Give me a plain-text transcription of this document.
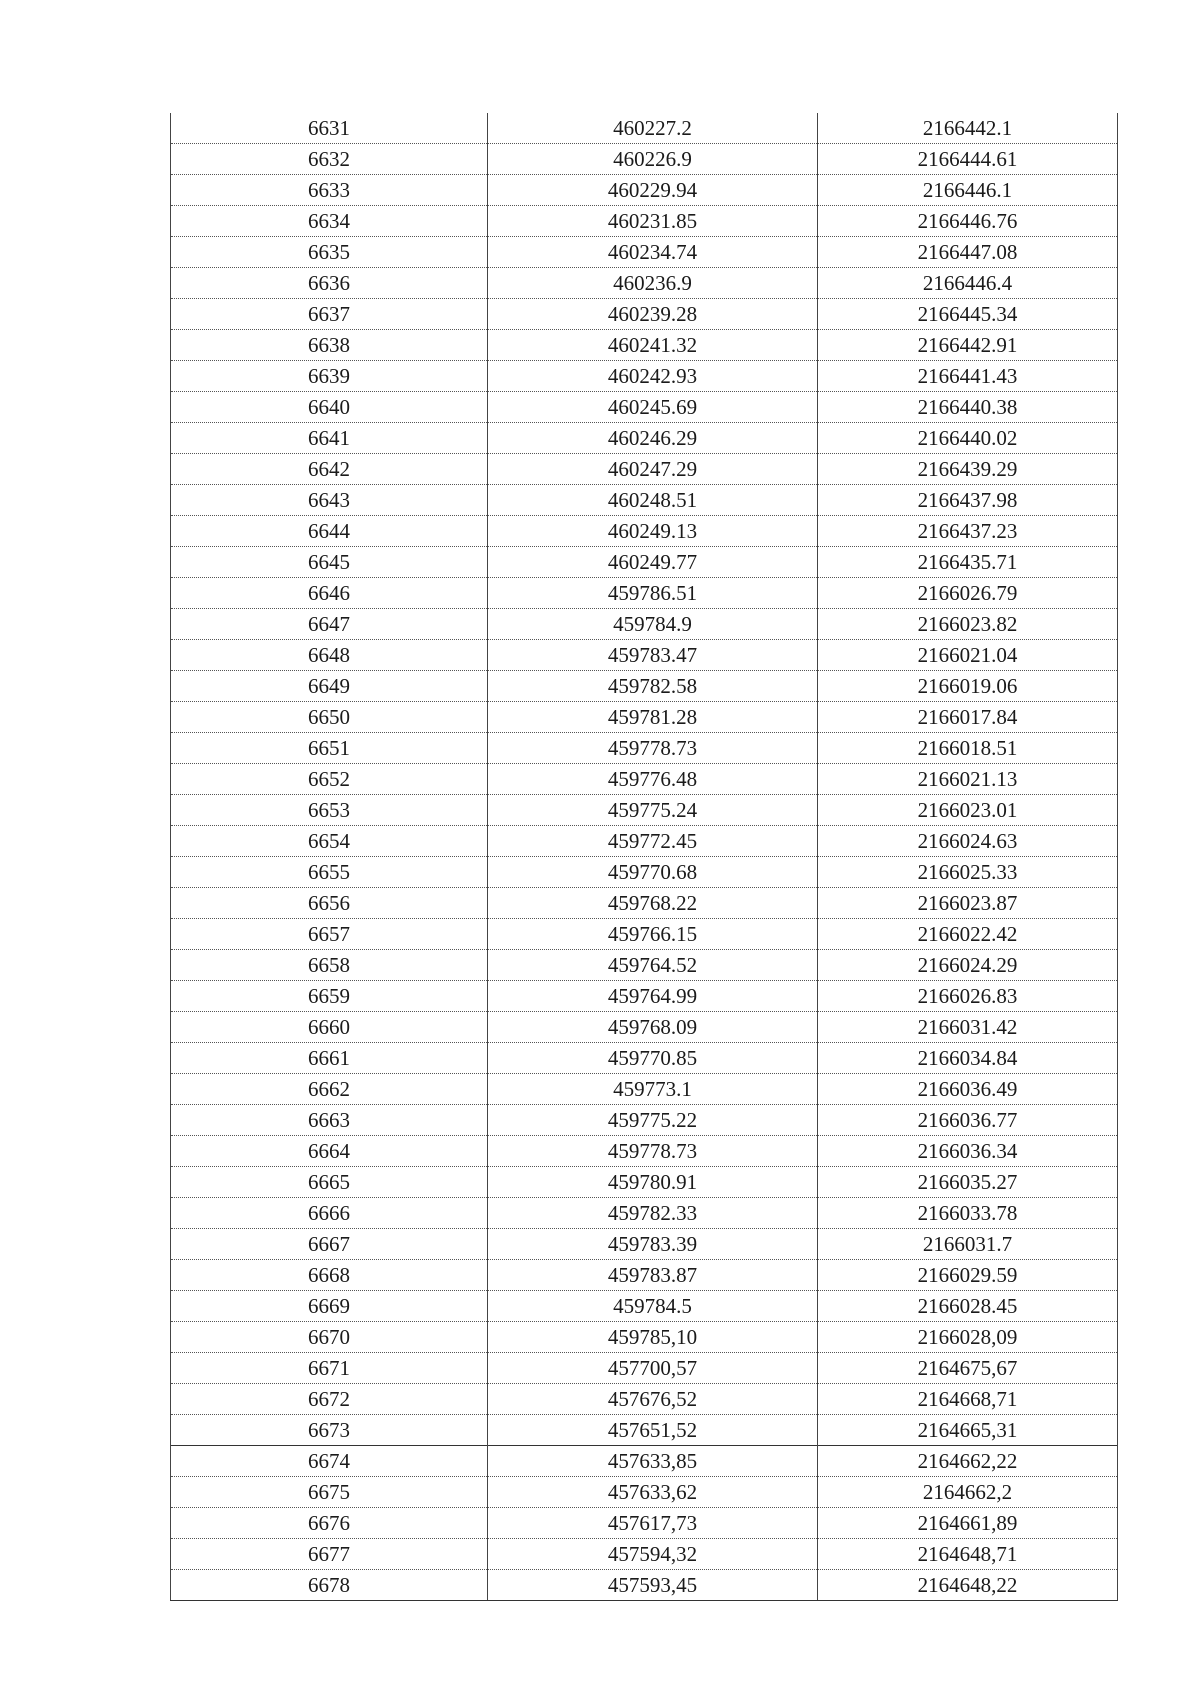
6631	460227.2	2166442.1
6632	460226.9	2166444.61
6633	460229.94	2166446.1
6634	460231.85	2166446.76
6635	460234.74	2166447.08
6636	460236.9	2166446.4
6637	460239.28	2166445.34
6638	460241.32	2166442.91
6639	460242.93	2166441.43
6640	460245.69	2166440.38
6641	460246.29	2166440.02
6642	460247.29	2166439.29
6643	460248.51	2166437.98
6644	460249.13	2166437.23
6645	460249.77	2166435.71
6646	459786.51	2166026.79
6647	459784.9	2166023.82
6648	459783.47	2166021.04
6649	459782.58	2166019.06
6650	459781.28	2166017.84
6651	459778.73	2166018.51
6652	459776.48	2166021.13
6653	459775.24	2166023.01
6654	459772.45	2166024.63
6655	459770.68	2166025.33
6656	459768.22	2166023.87
6657	459766.15	2166022.42
6658	459764.52	2166024.29
6659	459764.99	2166026.83
6660	459768.09	2166031.42
6661	459770.85	2166034.84
6662	459773.1	2166036.49
6663	459775.22	2166036.77
6664	459778.73	2166036.34
6665	459780.91	2166035.27
6666	459782.33	2166033.78
6667	459783.39	2166031.7
6668	459783.87	2166029.59
6669	459784.5	2166028.45
6670	459785,10	2166028,09
6671	457700,57	2164675,67
6672	457676,52	2164668,71
6673	457651,52	2164665,31
6674	457633,85	2164662,22
6675	457633,62	2164662,2
6676	457617,73	2164661,89
6677	457594,32	2164648,71
6678	457593,45	2164648,22
